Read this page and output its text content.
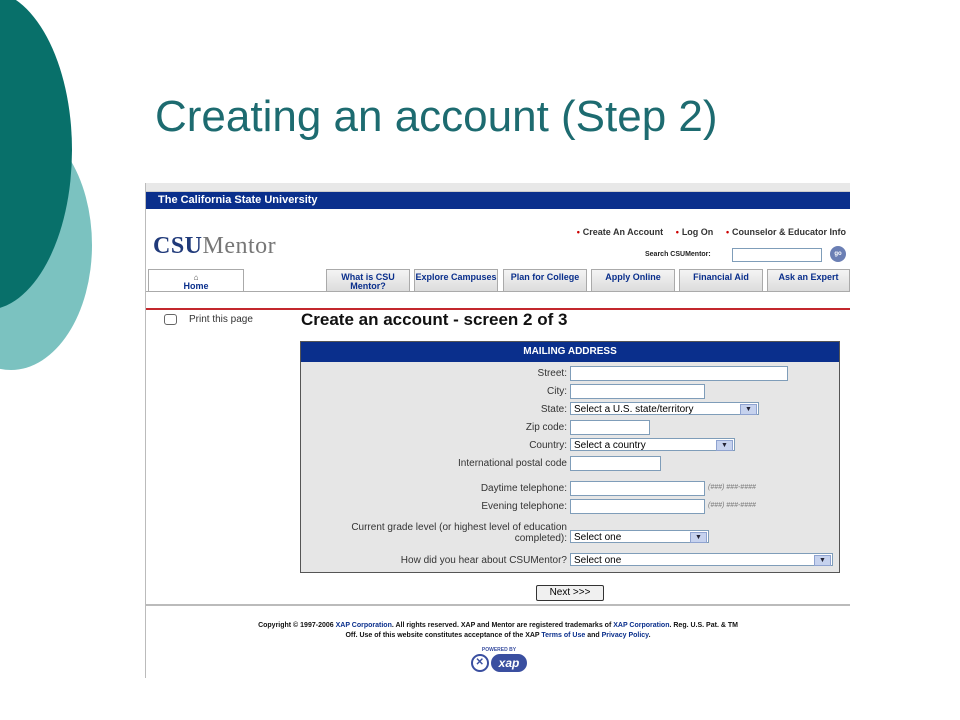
Creating an account (Step 2)
The California State University
CSUMentor
• Create An Account • Log On • Counselor & Educator Info
Search CSUMentor:	go
⌂
Home
What is CSU Mentor?
Explore Campuses	Plan for College	Apply Online	Financial Aid	Ask an Expert
Print this page	Create an account - screen 2 of 3
MAILING ADDRESS
Street:
City:
State: Select a U.S. state/territory	▼
Zip code:
Country: Select a country	▼
International postal code
Daytime telephone:	(###) ###-####
Evening telephone:	(###) ###-####
Current grade level (or highest level of education
completed): Select one	▼
How did you hear about CSUMentor? Select one	▼
Next >>>
Copyright © 1997-2006 XAP Corporation. All rights reserved. XAP and Mentor are registered trademarks of XAP Corporation. Reg. U.S. Pat. & TM
Off. Use of this website constitutes acceptance of the XAP Terms of Use and Privacy Policy.
POWERED BY
✕ xap
